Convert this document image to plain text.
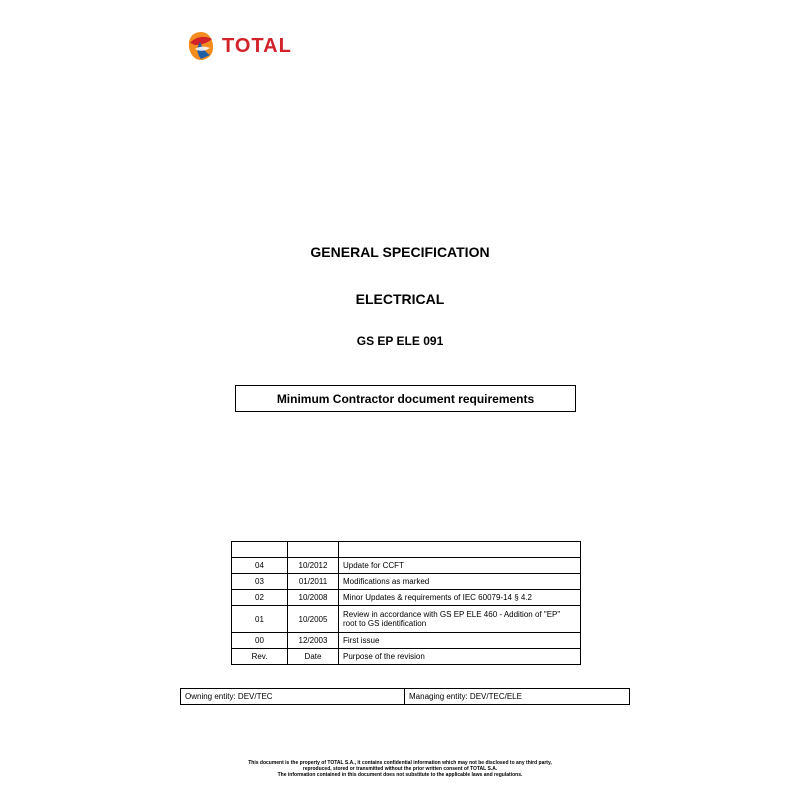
TOTAL
GENERAL SPECIFICATION
ELECTRICAL
GS EP ELE 091
Minimum Contractor document requirements

04	10/2012	Update for CCFT
03	01/2011	Modifications as marked
02	10/2008	Minor Updates & requirements of IEC 60079-14 § 4.2
01	10/2005	Review in accordance with GS EP ELE 460 - Addition of "EP" root to GS identification
00	12/2003	First issue
Rev.	Date	Purpose of the revision
Owning entity: DEV/TEC	Managing entity: DEV/TEC/ELE
This document is the property of TOTAL S.A., it contains confidential information which may not be disclosed to any third party,
reproduced, stored or transmitted without the prior written consent of TOTAL S.A.
The information contained in this document does not substitute to the applicable laws and regulations.
